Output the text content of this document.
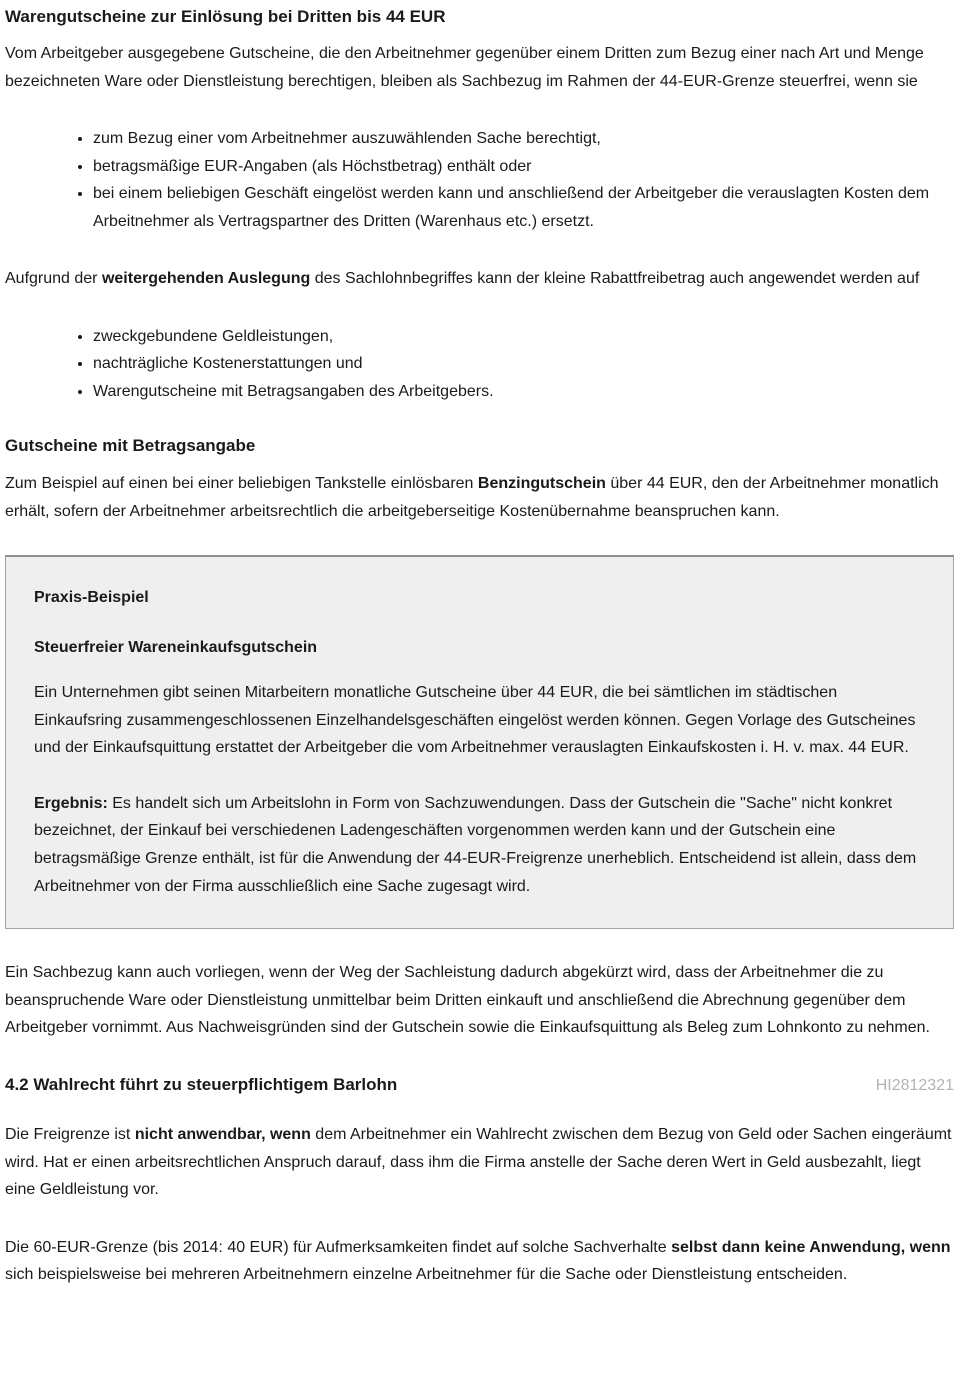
Warengutscheine zur Einlösung bei Dritten bis 44 EUR

Vom Arbeitgeber ausgegebene Gutscheine, die den Arbeitnehmer gegenüber einem Dritten zum Bezug einer nach Art und Menge bezeichneten Ware oder Dienstleistung berechtigen, bleiben als Sachbezug im Rahmen der 44-EUR-Grenze steuerfrei, wenn sie

• zum Bezug einer vom Arbeitnehmer auszuwählenden Sache berechtigt,
• betragsmäßige EUR-Angaben (als Höchstbetrag) enthält oder
• bei einem beliebigen Geschäft eingelöst werden kann und anschließend der Arbeitgeber die verauslagten Kosten dem Arbeitnehmer als Vertragspartner des Dritten (Warenhaus etc.) ersetzt.

Aufgrund der weitergehenden Auslegung des Sachlohnbegriffes kann der kleine Rabattfreibetrag auch angewendet werden auf

• zweckgebundene Geldleistungen,
• nachträgliche Kostenerstattungen und
• Warengutscheine mit Betragsangaben des Arbeitgebers.
Gutscheine mit Betragsangabe

Zum Beispiel auf einen bei einer beliebigen Tankstelle einlösbaren Benzingutschein über 44 EUR, den der Arbeitnehmer monatlich erhält, sofern der Arbeitnehmer arbeitsrechtlich die arbeitgeberseitige Kostenübernahme beanspruchen kann.

Praxis-Beispiel
Steuerfreier Wareneinkaufsgutschein

Ein Unternehmen gibt seinen Mitarbeitern monatliche Gutscheine über 44 EUR, die bei sämtlichen im städtischen Einkaufsring zusammengeschlossenen Einzelhandelsgeschäften eingelöst werden können. Gegen Vorlage des Gutscheines und der Einkaufsquittung erstattet der Arbeitgeber die vom Arbeitnehmer verauslagten Einkaufskosten i. H. v. max. 44 EUR.

Ergebnis: Es handelt sich um Arbeitslohn in Form von Sachzuwendungen. Dass der Gutschein die "Sache" nicht konkret bezeichnet, der Einkauf bei verschiedenen Ladengeschäften vorgenommen werden kann und der Gutschein eine betragsmäßige Grenze enthält, ist für die Anwendung der 44-EUR-Freigrenze unerheblich. Entscheidend ist allein, dass dem Arbeitnehmer von der Firma ausschließlich eine Sache zugesagt wird.

Ein Sachbezug kann auch vorliegen, wenn der Weg der Sachleistung dadurch abgekürzt wird, dass der Arbeitnehmer die zu beanspruchende Ware oder Dienstleistung unmittelbar beim Dritten einkauft und anschließend die Abrechnung gegenüber dem Arbeitgeber vornimmt. Aus Nachweisgründen sind der Gutschein sowie die Einkaufsquittung als Beleg zum Lohnkonto zu nehmen.

4.2 Wahlrecht führt zu steuerpflichtigem Barlohn	HI2812321

Die Freigrenze ist nicht anwendbar, wenn dem Arbeitnehmer ein Wahlrecht zwischen dem Bezug von Geld oder Sachen eingeräumt wird. Hat er einen arbeitsrechtlichen Anspruch darauf, dass ihm die Firma anstelle der Sache deren Wert in Geld ausbezahlt, liegt eine Geldleistung vor.

Die 60-EUR-Grenze (bis 2014: 40 EUR) für Aufmerksamkeiten findet auf solche Sachverhalte selbst dann keine Anwendung, wenn sich beispielsweise bei mehreren Arbeitnehmern einzelne Arbeitnehmer für die Sache oder Dienstleistung entscheiden.
